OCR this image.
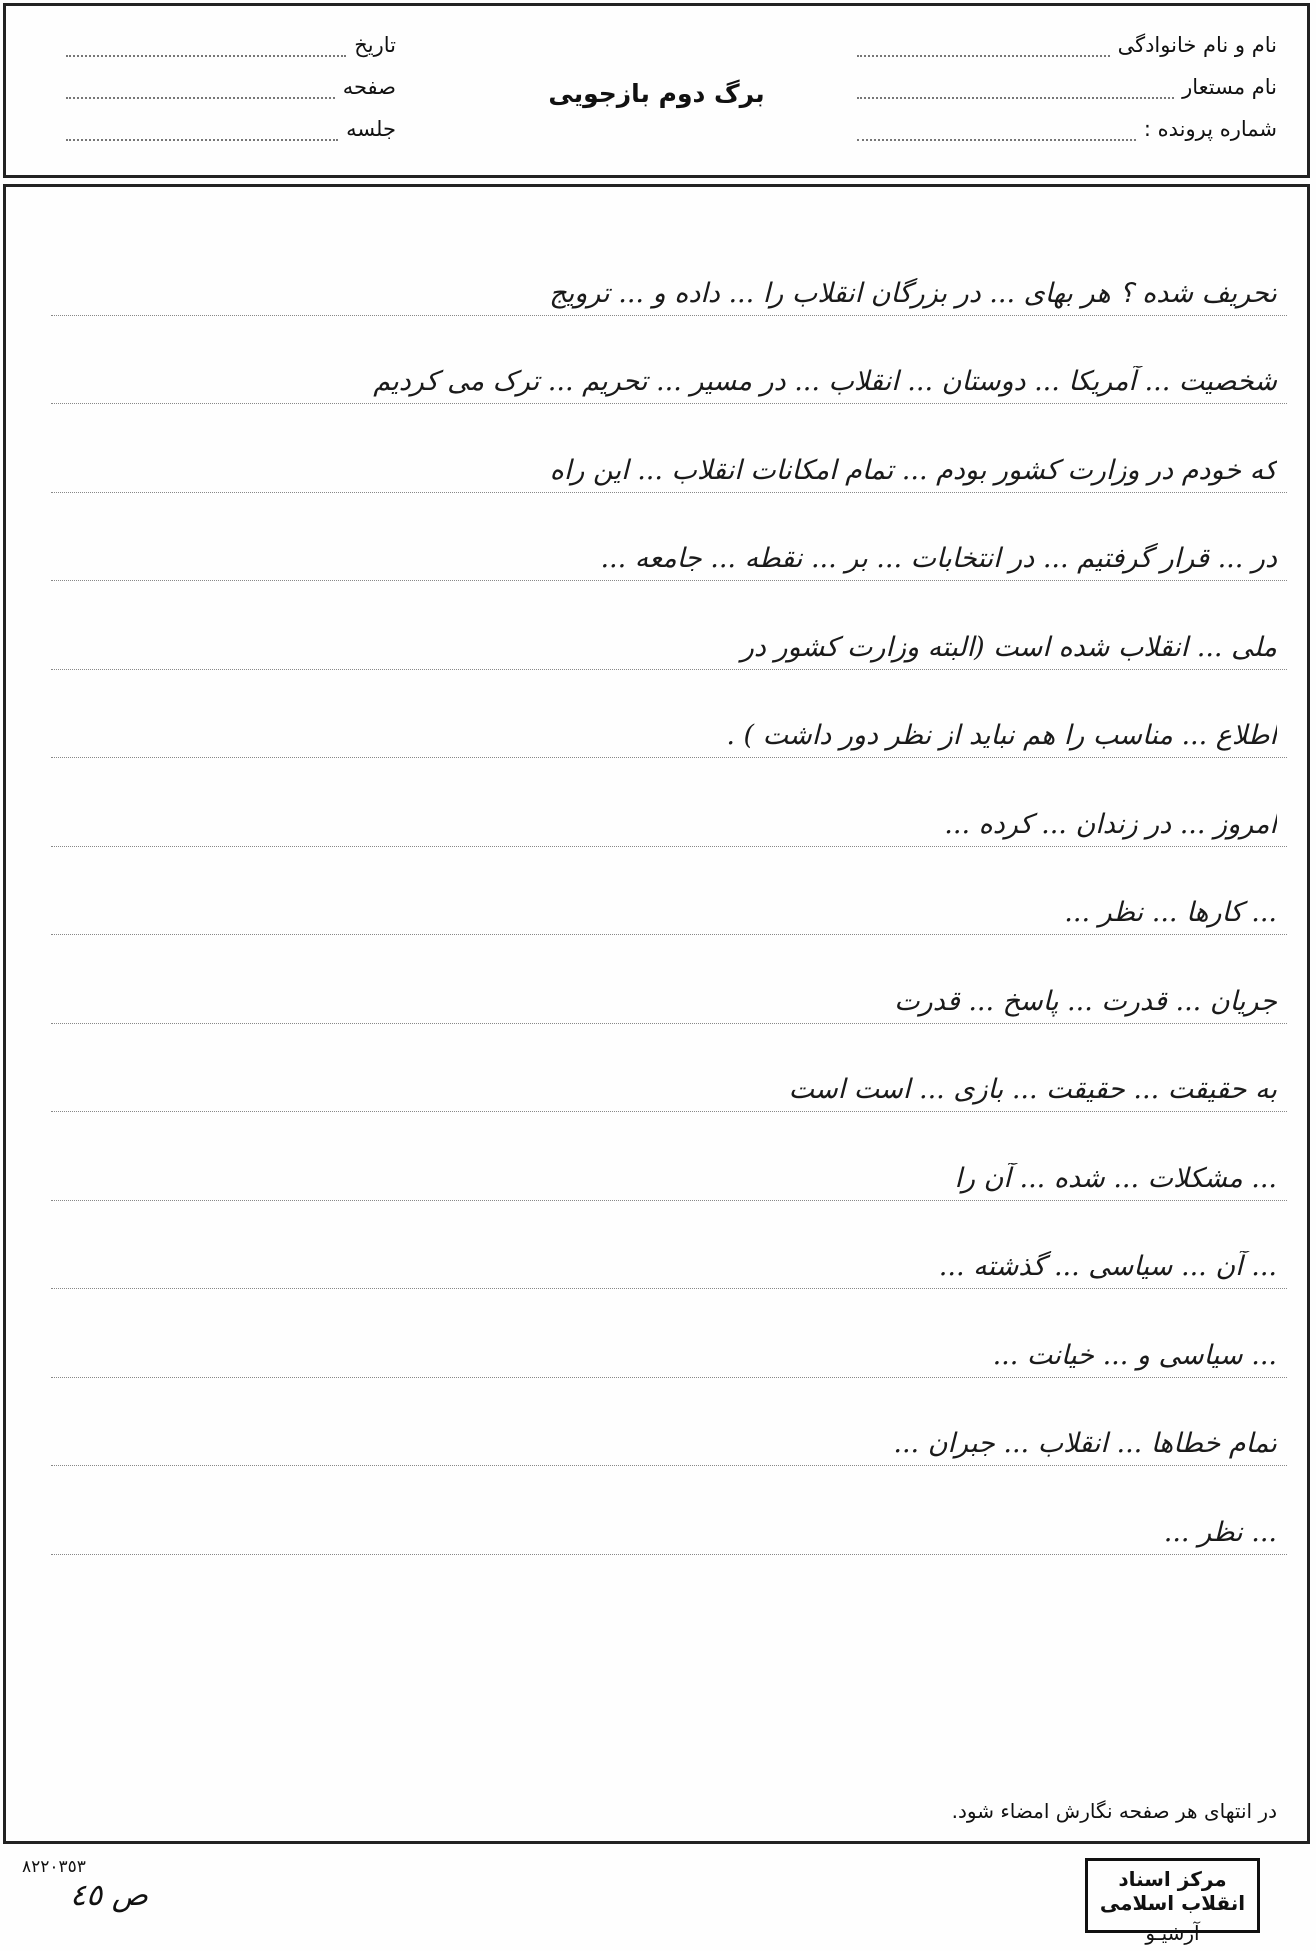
نام و نام خانوادگی
نام مستعار
شماره پرونده :
برگ دوم بازجویی
تاریخ
صفحه
جلسه
تحریف شده ؟ هر بهای ... در بزرگان انقلاب را ... داده و ... ترویج
شخصیت ... آمریکا ... دوستان ... انقلاب ... در مسیر ... تحریم ... ترک می کردیم
که خودم در وزارت کشور بودم ... تمام امکانات انقلاب ... این راه
در ... قرار گرفتیم ... در انتخابات ... بر ... نقطه ... جامعه ...
ملی ... انقلاب شده است (البته وزارت کشور در
اطلاع ... مناسب را هم نباید از نظر دور داشت ) .
امروز ... در زندان ... کرده ...
... کارها ... نظر ...
جریان ... قدرت ... پاسخ ... قدرت
به حقیقت ... حقیقت ... بازی ... است است
... مشکلات ... شده ... آن را
... آن ... سیاسی ... گذشته ...
... سیاسی و ... خیانت ...
تمام خطاها ... انقلاب ... جبران ...
... نظر ...
در انتهای هر صفحه نگارش امضاء شود.
٨٢٢٠٣٥٣
ص ٤٥	مرکز اسناد انقلاب اسلامی
آرشیـو
